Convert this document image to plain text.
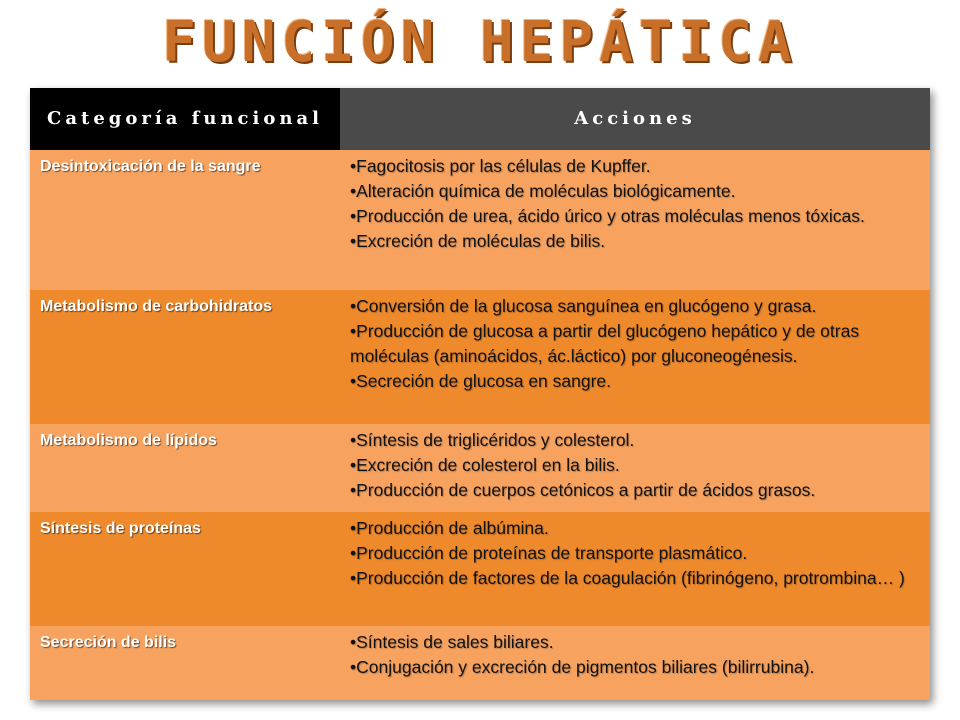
FUNCIÓN HEPÁTICA
Categoría funcional	Acciones
Desintoxicación de la sangre	•Fagocitosis por las células de Kupffer.

•Alteración química de moléculas biológicamente.

•Producción de urea, ácido úrico y otras moléculas menos tóxicas.

•Excreción de moléculas de bilis.

Metabolismo de carbohidratos	•Conversión de la glucosa sanguínea en glucógeno y grasa.

•Producción de glucosa a partir del glucógeno hepático y de otras moléculas (aminoácidos, ác.láctico) por gluconeogénesis.

•Secreción de glucosa en sangre.

Metabolismo de lípidos	•Síntesis de triglicéridos y colesterol.

•Excreción de colesterol en la bilis.

•Producción de cuerpos cetónicos a partir de ácidos grasos.

Síntesis de proteínas	•Producción de albúmina.

•Producción de proteínas de transporte plasmático.

•Producción de factores de la coagulación (fibrinógeno, protrombina… )

Secreción de bilis	•Síntesis de sales biliares.

•Conjugación y excreción de pigmentos biliares (bilirrubina).
